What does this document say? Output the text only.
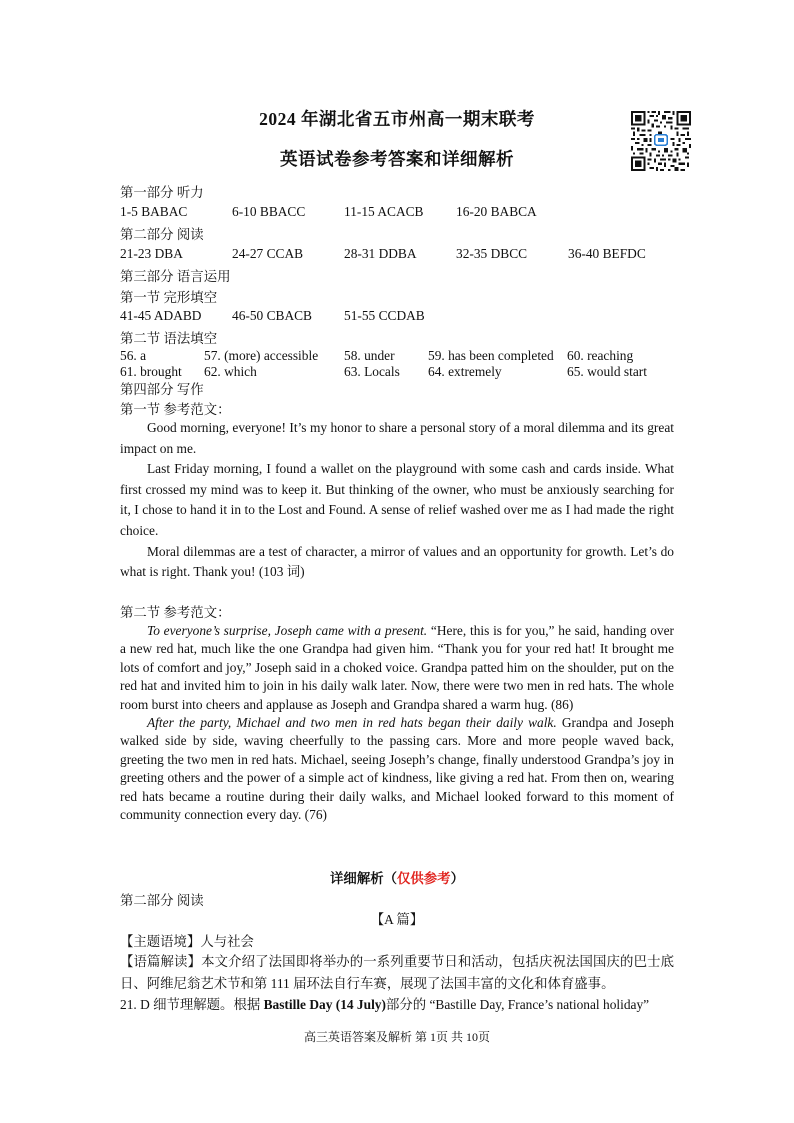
2024 年湖北省五市州高一期末联考
英语试卷参考答案和详细解析
第一部分 听力
1-5 BABAC	6-10 BBACC	11-15 ACACB 16-20 BABCA
第二部分 阅读
21-23 DBA	24-27 CCAB	28-31 DDBA	32-35 DBCC	36-40 BEFDC
第三部分 语言运用
第一节 完形填空
41-45 ADABD 46-50 CBACB 51-55 CCDAB
第二节 语法填空
56. a	57. (more) accessible 58. under 59. has been completed 60. reaching
61. brought 62. which	63. Locals 64. extremely	65. would start
第四部分 写作
第一节 参考范文：

Good morning, everyone! It’s my honor to share a personal story of a moral dilemma and its great impact on me.

Last Friday morning, I found a wallet on the playground with some cash and cards inside. What first crossed my mind was to keep it. But thinking of the owner, who must be anxiously searching for it, I chose to hand it in to the Lost and Found. A sense of relief washed over me as I had made the right choice.

Moral dilemmas are a test of character, a mirror of values and an opportunity for growth. Let’s do what is right. Thank you! (103 词)

第二节 参考范文：

To everyone’s surprise, Joseph came with a present. “Here, this is for you,” he said, handing over a new red hat, much like the one Grandpa had given him. “Thank you for your red hat! It brought me lots of comfort and joy,” Joseph said in a choked voice. Grandpa patted him on the shoulder, put on the red hat and invited him to join in his daily walk later. Now, there were two men in red hats. The whole room burst into cheers and applause as Joseph and Grandpa shared a warm hug. (86)

After the party, Michael and two men in red hats began their daily walk. Grandpa and Joseph walked side by side, waving cheerfully to the passing cars. More and more people waved back, greeting the two men in red hats. Michael, seeing Joseph’s change, finally understood Grandpa’s joy in greeting others and the power of a simple act of kindness, like giving a red hat. From then on, wearing red hats became a routine during their daily walks, and Michael looked forward to this moment of community connection every day. (76)

详细解析（仅供参考）
第二部分 阅读
【A 篇】
【主题语境】人与社会
【语篇解读】本文介绍了法国即将举办的一系列重要节日和活动，包括庆祝法国国庆的巴士底日、阿维尼翁艺术节和第 111 届环法自行车赛，展现了法国丰富的文化和体育盛事。
21. D 细节理解题。根据 Bastille Day (14 July)部分的 “Bastille Day, France’s national holiday”
高三英语答案及解析 第 1页 共 10页
